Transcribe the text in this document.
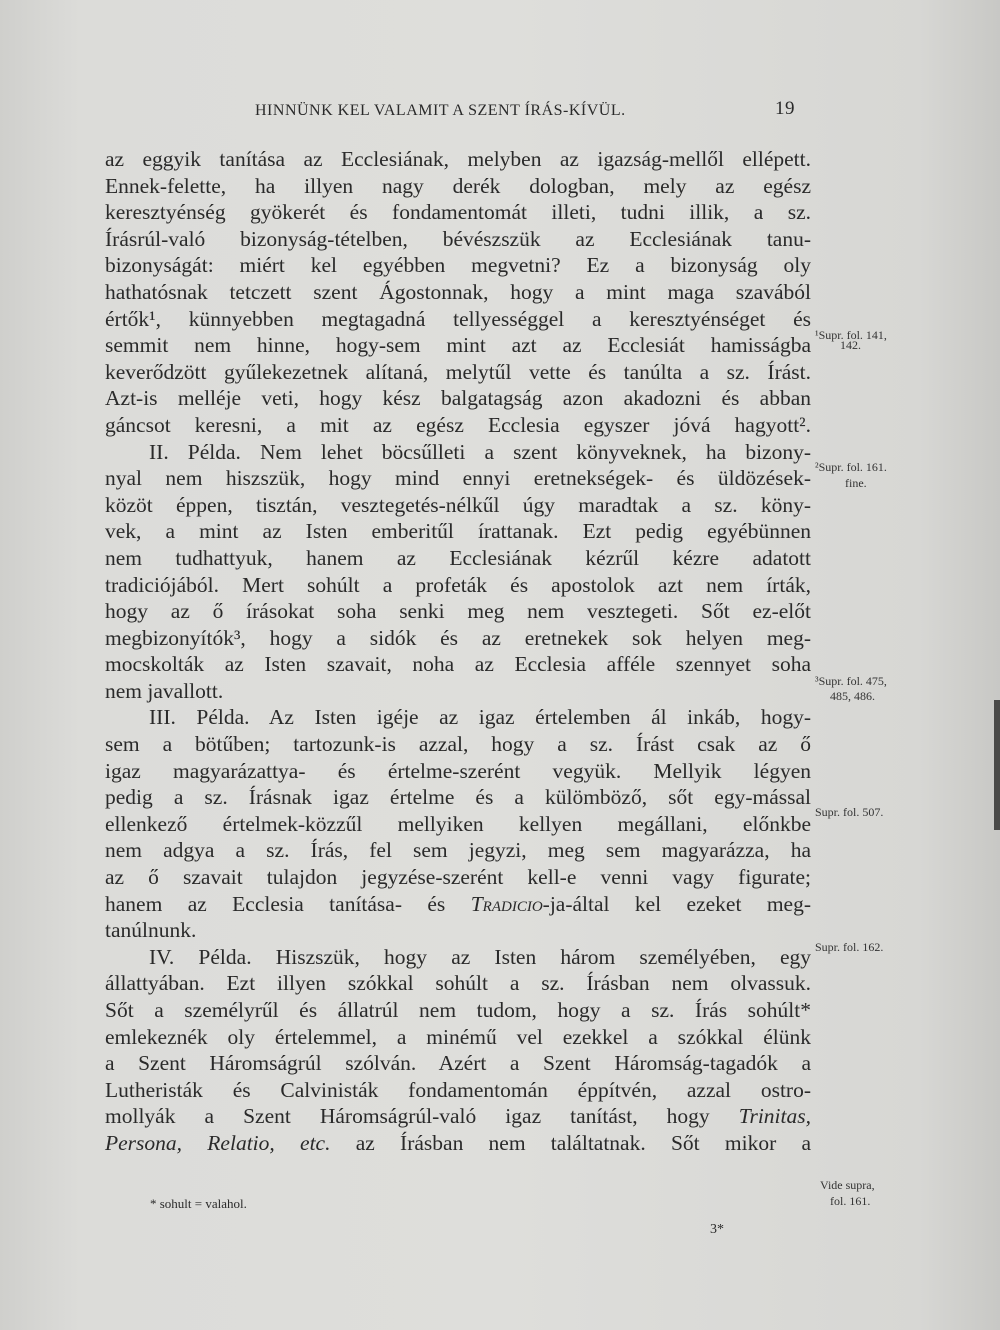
HINNÜNK KEL VALAMIT A SZENT ÍRÁS-KÍVÜL.	19
az eggyik tanítása az Ecclesiának, melyben az igazság-mellől ellépett.
Ennek-felette, ha illyen nagy derék dologban, mely az egész
keresztyénség gyökerét és fondamentomát illeti, tudni illik, a sz.
Írásrúl-való bizonyság-tételben, bévészszük az Ecclesiának tanu-
bizonyságát: miért kel egyébben megvetni? Ez a bizonyság oly
hathatósnak tetczett szent Ágostonnak, hogy a mint maga szavából
értők¹, künnyebben megtagadná tellyességgel a keresztyénséget és
semmit nem hinne, hogy-sem mint azt az Ecclesiát hamisságba
keverődzött gyűlekezetnek alítaná, melytűl vette és tanúlta a sz. Írást.
Azt-is melléje veti, hogy kész balgatagság azon akadozni és abban
gáncsot keresni, a mit az egész Ecclesia egyszer jóvá hagyott².
II. Példa. Nem lehet böcsűlleti a szent könyveknek, ha bizony-
nyal nem hiszszük, hogy mind ennyi eretnekségek- és üldözések-
közöt éppen, tisztán, vesztegetés-nélkűl úgy maradtak a sz. köny-
vek, a mint az Isten emberitűl írattanak. Ezt pedig egyébünnen
nem tudhattyuk, hanem az Ecclesiának kézrűl kézre adatott
tradiciójából. Mert sohúlt a profeták és apostolok azt nem írták,
hogy az ő írásokat soha senki meg nem vesztegeti. Sőt ez-előt
megbizonyítók³, hogy a sidók és az eretnekek sok helyen meg-
mocskolták az Isten szavait, noha az Ecclesia afféle szennyet soha
nem javallott.
III. Példa. Az Isten igéje az igaz értelemben ál inkáb, hogy-
sem a bötűben; tartozunk-is azzal, hogy a sz. Írást csak az ő
igaz magyarázattya- és értelme-szerént vegyük. Mellyik légyen
pedig a sz. Írásnak igaz értelme és a külömböző, sőt egy-mással
ellenkező értelmek-közzűl mellyiken kellyen megállani, előnkbe
nem adgya a sz. Írás, fel sem jegyzi, meg sem magyarázza, ha
az ő szavait tulajdon jegyzése-szerént kell-e venni vagy figurate;
hanem az Ecclesia tanítása- és Tradicio-ja-által kel ezeket meg-
tanúlnunk.
IV. Példa. Hiszszük, hogy az Isten három személyében, egy
állattyában. Ezt illyen szókkal sohúlt a sz. Írásban nem olvassuk.
Sőt a személyrűl és állatrúl nem tudom, hogy a sz. Írás sohúlt*
emlekeznék oly értelemmel, a minémű vel ezekkel a szókkal élünk
a Szent Háromságrúl szólván. Azért a Szent Háromság-tagadók a
Lutheristák és Calvinisták fondamentomán éppítvén, azzal ostro-
mollyák a Szent Háromságrúl-való igaz tanítást, hogy Trinitas,
Persona, Relatio, etc. az Írásban nem találtatnak. Sőt mikor a
¹Supr. fol. 141,
142.
²Supr. fol. 161.
fine.
³Supr. fol. 475,
485, 486.
Supr. fol. 507.
Supr. fol. 162.
Vide supra,
fol. 161.
* sohult = valahol.
3*
